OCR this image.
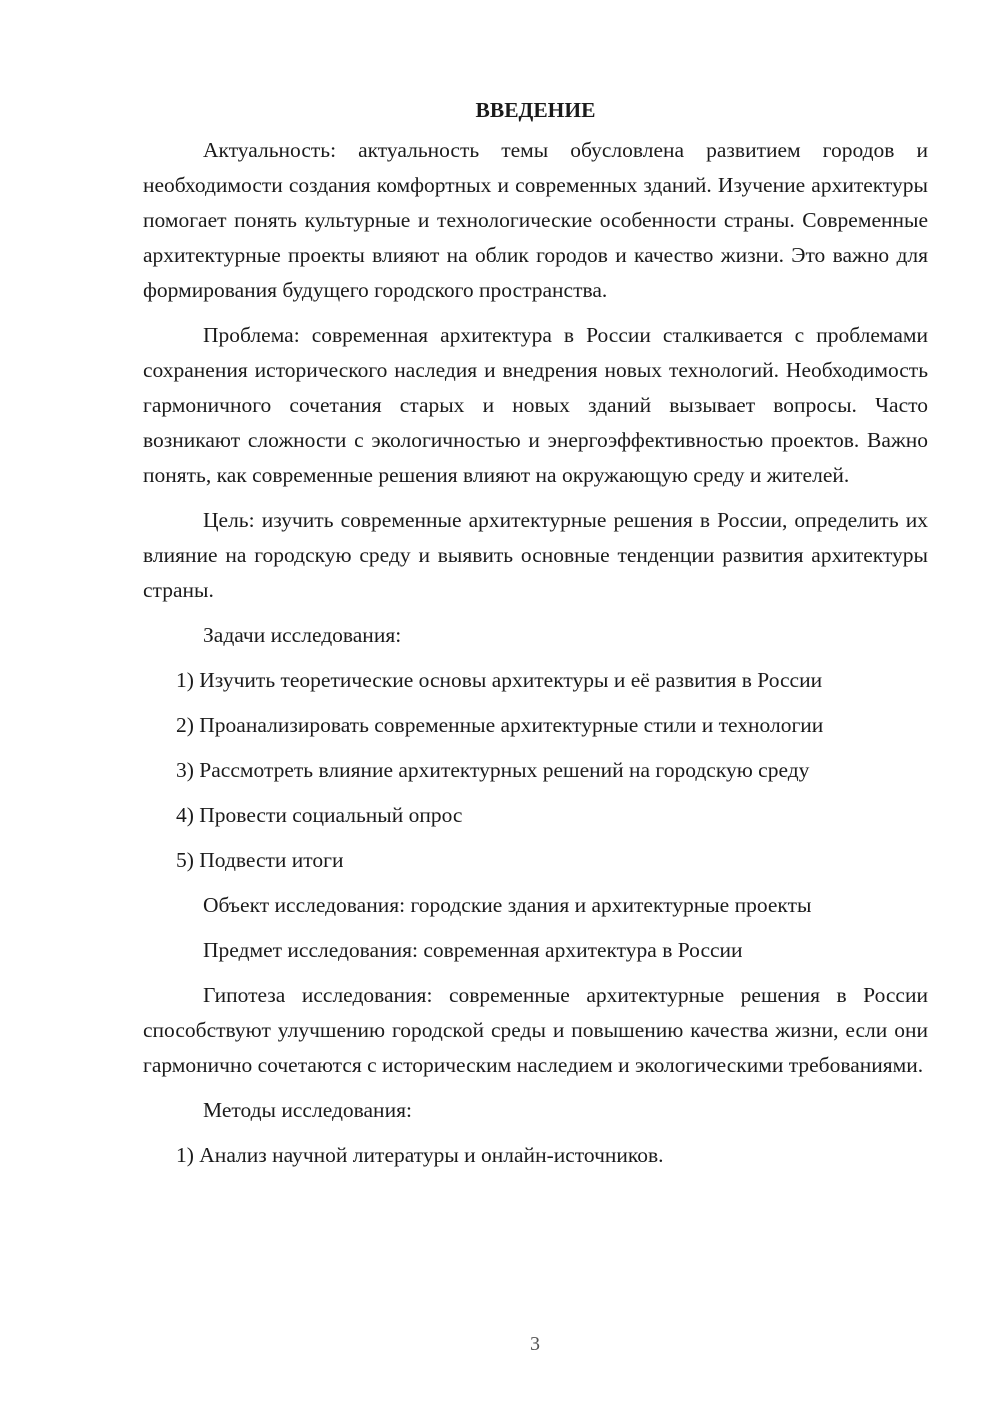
ВВЕДЕНИЕ

Актуальность: актуальность темы обусловлена развитием городов и необходимости создания комфортных и современных зданий. Изучение архитектуры помогает понять культурные и технологические особенности страны. Современные архитектурные проекты влияют на облик городов и качество жизни. Это важно для формирования будущего городского пространства.

Проблема: современная архитектура в России сталкивается с проблемами сохранения исторического наследия и внедрения новых технологий. Необходимость гармоничного сочетания старых и новых зданий вызывает вопросы. Часто возникают сложности с экологичностью и энергоэффективностью проектов. Важно понять, как современные решения влияют на окружающую среду и жителей.

Цель: изучить современные архитектурные решения в России, определить их влияние на городскую среду и выявить основные тенденции развития архитектуры страны.

Задачи исследования:

1) Изучить теоретические основы архитектуры и её развития в России

2) Проанализировать современные архитектурные стили и технологии

3) Рассмотреть влияние архитектурных решений на городскую среду

4) Провести социальный опрос

5) Подвести итоги

Объект исследования: городские здания и архитектурные проекты

Предмет исследования: современная архитектура в России

Гипотеза исследования: современные архитектурные решения в России способствуют улучшению городской среды и повышению качества жизни, если они гармонично сочетаются с историческим наследием и экологическими требованиями.

Методы исследования:

1) Анализ научной литературы и онлайн-источников.

3
